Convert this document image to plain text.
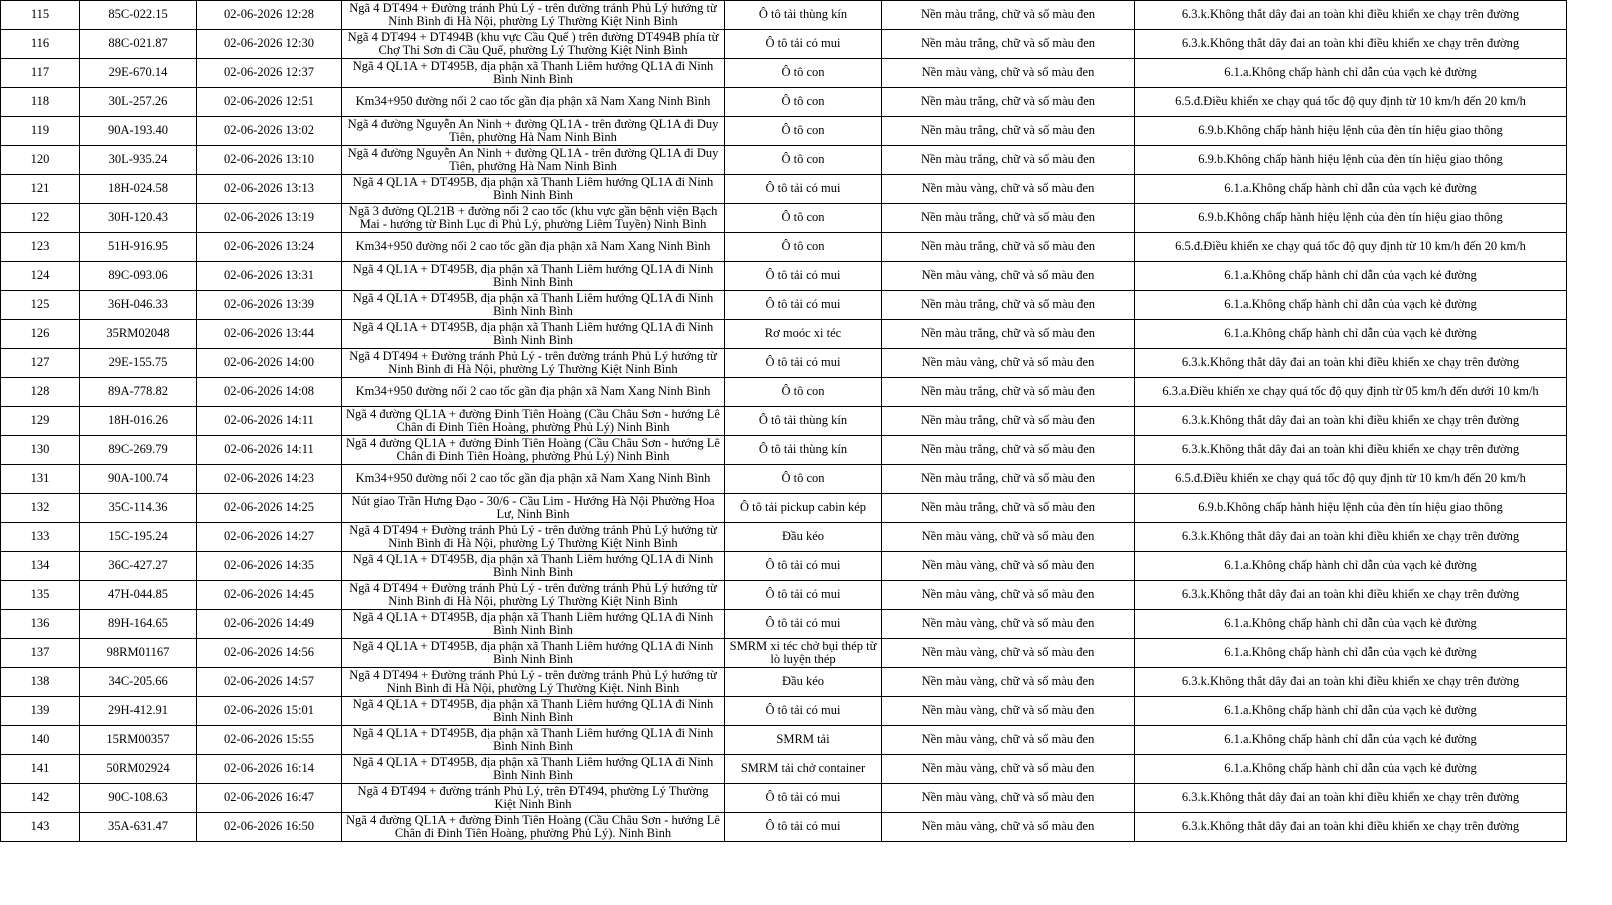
115	85C-022.15	02-06-2026 12:28	Ngã 4 DT494 + Đường tránh Phủ Lý - trên đường tránh Phủ Lý hướng từ Ninh Bình đi Hà Nội, phường Lý Thường Kiệt Ninh Bình	Ô tô tải thùng kín	Nền màu trắng, chữ và số màu đen	6.3.k.Không thắt dây đai an toàn khi điều khiển xe chạy trên đường
116	88C-021.87	02-06-2026 12:30	Ngã 4 DT494 + DT494B (khu vực Cầu Quế ) trên đường DT494B phía từ Chợ Thi Sơn đi Cầu Quế, phường Lý Thường Kiệt Ninh Bình	Ô tô tải có mui	Nền màu trắng, chữ và số màu đen	6.3.k.Không thắt dây đai an toàn khi điều khiển xe chạy trên đường
117	29E-670.14	02-06-2026 12:37	Ngã 4 QL1A + DT495B, địa phận xã Thanh Liêm hướng QL1A đi Ninh Bình Ninh Bình	Ô tô con	Nền màu vàng, chữ và số màu đen	6.1.a.Không chấp hành chỉ dẫn của vạch kẻ đường
118	30L-257.26	02-06-2026 12:51	Km34+950 đường nối 2 cao tốc gần địa phận xã Nam Xang Ninh Bình	Ô tô con	Nền màu trắng, chữ và số màu đen	6.5.đ.Điều khiển xe chạy quá tốc độ quy định từ 10 km/h đến 20 km/h
119	90A-193.40	02-06-2026 13:02	Ngã 4 đường Nguyễn An Ninh + đường QL1A - trên đường QL1A đi Duy Tiên, phường Hà Nam Ninh Bình	Ô tô con	Nền màu trắng, chữ và số màu đen	6.9.b.Không chấp hành hiệu lệnh của đèn tín hiệu giao thông
120	30L-935.24	02-06-2026 13:10	Ngã 4 đường Nguyễn An Ninh + đường QL1A - trên đường QL1A đi Duy Tiên, phường Hà Nam Ninh Bình	Ô tô con	Nền màu trắng, chữ và số màu đen	6.9.b.Không chấp hành hiệu lệnh của đèn tín hiệu giao thông
121	18H-024.58	02-06-2026 13:13	Ngã 4 QL1A + DT495B, địa phận xã Thanh Liêm hướng QL1A đi Ninh Bình Ninh Bình	Ô tô tải có mui	Nền màu vàng, chữ và số màu đen	6.1.a.Không chấp hành chỉ dẫn của vạch kẻ đường
122	30H-120.43	02-06-2026 13:19	Ngã 3 đường QL21B + đường nối 2 cao tốc (khu vực gần bệnh viện Bạch Mai - hướng từ Bình Lục đi Phủ Lý, phường Liêm Tuyền) Ninh Bình	Ô tô con	Nền màu trắng, chữ và số màu đen	6.9.b.Không chấp hành hiệu lệnh của đèn tín hiệu giao thông
123	51H-916.95	02-06-2026 13:24	Km34+950 đường nối 2 cao tốc gần địa phận xã Nam Xang Ninh Bình	Ô tô con	Nền màu trắng, chữ và số màu đen	6.5.đ.Điều khiển xe chạy quá tốc độ quy định từ 10 km/h đến 20 km/h
124	89C-093.06	02-06-2026 13:31	Ngã 4 QL1A + DT495B, địa phận xã Thanh Liêm hướng QL1A đi Ninh Bình Ninh Bình	Ô tô tải có mui	Nền màu vàng, chữ và số màu đen	6.1.a.Không chấp hành chỉ dẫn của vạch kẻ đường
125	36H-046.33	02-06-2026 13:39	Ngã 4 QL1A + DT495B, địa phận xã Thanh Liêm hướng QL1A đi Ninh Bình Ninh Bình	Ô tô tải có mui	Nền màu trắng, chữ và số màu đen	6.1.a.Không chấp hành chỉ dẫn của vạch kẻ đường
126	35RM02048	02-06-2026 13:44	Ngã 4 QL1A + DT495B, địa phận xã Thanh Liêm hướng QL1A đi Ninh Bình Ninh Bình	Rơ moóc xi téc	Nền màu trắng, chữ và số màu đen	6.1.a.Không chấp hành chỉ dẫn của vạch kẻ đường
127	29E-155.75	02-06-2026 14:00	Ngã 4 DT494 + Đường tránh Phủ Lý - trên đường tránh Phủ Lý hướng từ Ninh Bình đi Hà Nội, phường Lý Thường Kiệt Ninh Bình	Ô tô tải có mui	Nền màu vàng, chữ và số màu đen	6.3.k.Không thắt dây đai an toàn khi điều khiển xe chạy trên đường
128	89A-778.82	02-06-2026 14:08	Km34+950 đường nối 2 cao tốc gần địa phận xã Nam Xang Ninh Bình	Ô tô con	Nền màu trắng, chữ và số màu đen	6.3.a.Điều khiển xe chạy quá tốc độ quy định từ 05 km/h đến dưới 10 km/h
129	18H-016.26	02-06-2026 14:11	Ngã 4 đường QL1A + đường Đinh Tiên Hoàng (Cầu Châu Sơn - hướng Lê Chân đi Đinh Tiên Hoàng, phường Phủ Lý) Ninh Bình	Ô tô tải thùng kín	Nền màu trắng, chữ và số màu đen	6.3.k.Không thắt dây đai an toàn khi điều khiển xe chạy trên đường
130	89C-269.79	02-06-2026 14:11	Ngã 4 đường QL1A + đường Đinh Tiên Hoàng (Cầu Châu Sơn - hướng Lê Chân đi Đinh Tiên Hoàng, phường Phủ Lý) Ninh Bình	Ô tô tải thùng kín	Nền màu trắng, chữ và số màu đen	6.3.k.Không thắt dây đai an toàn khi điều khiển xe chạy trên đường
131	90A-100.74	02-06-2026 14:23	Km34+950 đường nối 2 cao tốc gần địa phận xã Nam Xang Ninh Bình	Ô tô con	Nền màu trắng, chữ và số màu đen	6.5.đ.Điều khiển xe chạy quá tốc độ quy định từ 10 km/h đến 20 km/h
132	35C-114.36	02-06-2026 14:25	Nút giao Trần Hưng Đạo - 30/6 - Cầu Lim - Hướng Hà Nội Phường Hoa Lư, Ninh Bình	Ô tô tải pickup cabin kép	Nền màu trắng, chữ và số màu đen	6.9.b.Không chấp hành hiệu lệnh của đèn tín hiệu giao thông
133	15C-195.24	02-06-2026 14:27	Ngã 4 DT494 + Đường tránh Phủ Lý - trên đường tránh Phủ Lý hướng từ Ninh Bình đi Hà Nội, phường Lý Thường Kiệt Ninh Bình	Đầu kéo	Nền màu vàng, chữ và số màu đen	6.3.k.Không thắt dây đai an toàn khi điều khiển xe chạy trên đường
134	36C-427.27	02-06-2026 14:35	Ngã 4 QL1A + DT495B, địa phận xã Thanh Liêm hướng QL1A đi Ninh Bình Ninh Bình	Ô tô tải có mui	Nền màu vàng, chữ và số màu đen	6.1.a.Không chấp hành chỉ dẫn của vạch kẻ đường
135	47H-044.85	02-06-2026 14:45	Ngã 4 DT494 + Đường tránh Phủ Lý - trên đường tránh Phủ Lý hướng từ Ninh Bình đi Hà Nội, phường Lý Thường Kiệt Ninh Bình	Ô tô tải có mui	Nền màu vàng, chữ và số màu đen	6.3.k.Không thắt dây đai an toàn khi điều khiển xe chạy trên đường
136	89H-164.65	02-06-2026 14:49	Ngã 4 QL1A + DT495B, địa phận xã Thanh Liêm hướng QL1A đi Ninh Bình Ninh Bình	Ô tô tải có mui	Nền màu vàng, chữ và số màu đen	6.1.a.Không chấp hành chỉ dẫn của vạch kẻ đường
137	98RM01167	02-06-2026 14:56	Ngã 4 QL1A + DT495B, địa phận xã Thanh Liêm hướng QL1A đi Ninh Bình Ninh Bình	SMRM xi téc chở bụi thép từ lò luyện thép	Nền màu vàng, chữ và số màu đen	6.1.a.Không chấp hành chỉ dẫn của vạch kẻ đường
138	34C-205.66	02-06-2026 14:57	Ngã 4 DT494 + Đường tránh Phủ Lý - trên đường tránh Phủ Lý hướng từ Ninh Bình đi Hà Nội, phường Lý Thường Kiệt. Ninh Bình	Đầu kéo	Nền màu vàng, chữ và số màu đen	6.3.k.Không thắt dây đai an toàn khi điều khiển xe chạy trên đường
139	29H-412.91	02-06-2026 15:01	Ngã 4 QL1A + DT495B, địa phận xã Thanh Liêm hướng QL1A đi Ninh Bình Ninh Bình	Ô tô tải có mui	Nền màu vàng, chữ và số màu đen	6.1.a.Không chấp hành chỉ dẫn của vạch kẻ đường
140	15RM00357	02-06-2026 15:55	Ngã 4 QL1A + DT495B, địa phận xã Thanh Liêm hướng QL1A đi Ninh Bình Ninh Bình	SMRM tải	Nền màu vàng, chữ và số màu đen	6.1.a.Không chấp hành chỉ dẫn của vạch kẻ đường
141	50RM02924	02-06-2026 16:14	Ngã 4 QL1A + DT495B, địa phận xã Thanh Liêm hướng QL1A đi Ninh Bình Ninh Bình	SMRM tải chở container	Nền màu vàng, chữ và số màu đen	6.1.a.Không chấp hành chỉ dẫn của vạch kẻ đường
142	90C-108.63	02-06-2026 16:47	Ngã 4 ĐT494 + đường tránh Phủ Lý, trên ĐT494, phường Lý Thường Kiệt Ninh Bình	Ô tô tải có mui	Nền màu vàng, chữ và số màu đen	6.3.k.Không thắt dây đai an toàn khi điều khiển xe chạy trên đường
143	35A-631.47	02-06-2026 16:50	Ngã 4 đường QL1A + đường Đinh Tiên Hoàng (Cầu Châu Sơn - hướng Lê Chân đi Đinh Tiên Hoàng, phường Phủ Lý). Ninh Bình	Ô tô tải có mui	Nền màu vàng, chữ và số màu đen	6.3.k.Không thắt dây đai an toàn khi điều khiển xe chạy trên đường
